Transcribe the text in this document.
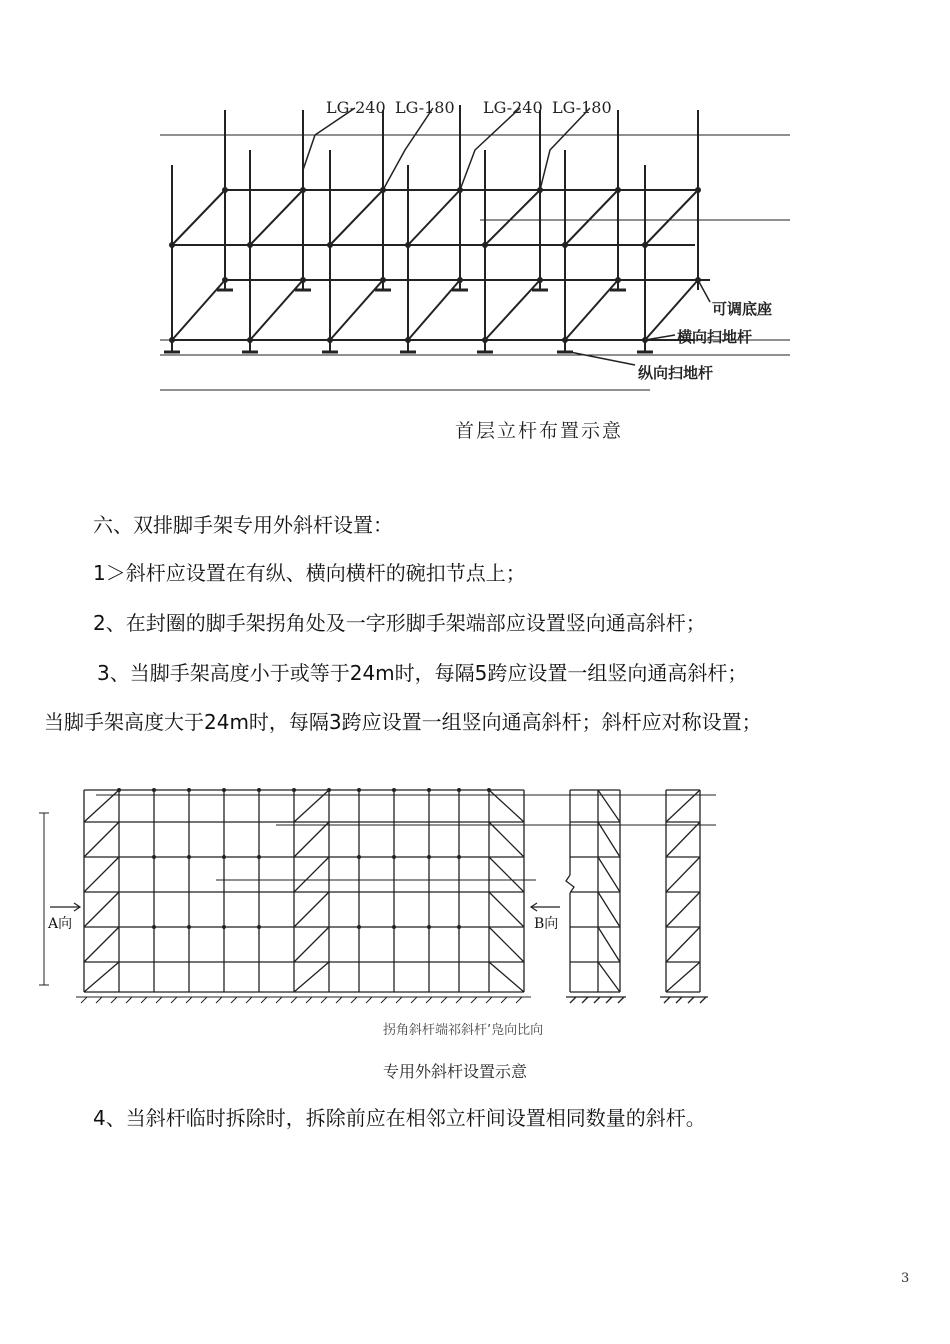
LG-240 LG-180 LG-240 LG-180
可调底座
横向扫地杆
纵向扫地杆
首层立杆布置示意
六、双排脚手架专用外斜杆设置：
1＞斜杆应设置在有纵、横向横杆的碗扣节点上；
2、在封圈的脚手架拐角处及一字形脚手架端部应设置竖向通高斜杆；
3、当脚手架高度小于或等于24m时，每隔5跨应设置一组竖向通高斜杆；
当脚手架高度大于24m时，每隔3跨应设置一组竖向通高斜杆；斜杆应对称设置；
A向	B向
拐角斜杆端祁斜杆’凫向比向
专用外斜杆设置示意
4、当斜杆临时拆除时，拆除前应在相邻立杆间设置相同数量的斜杆。
3
